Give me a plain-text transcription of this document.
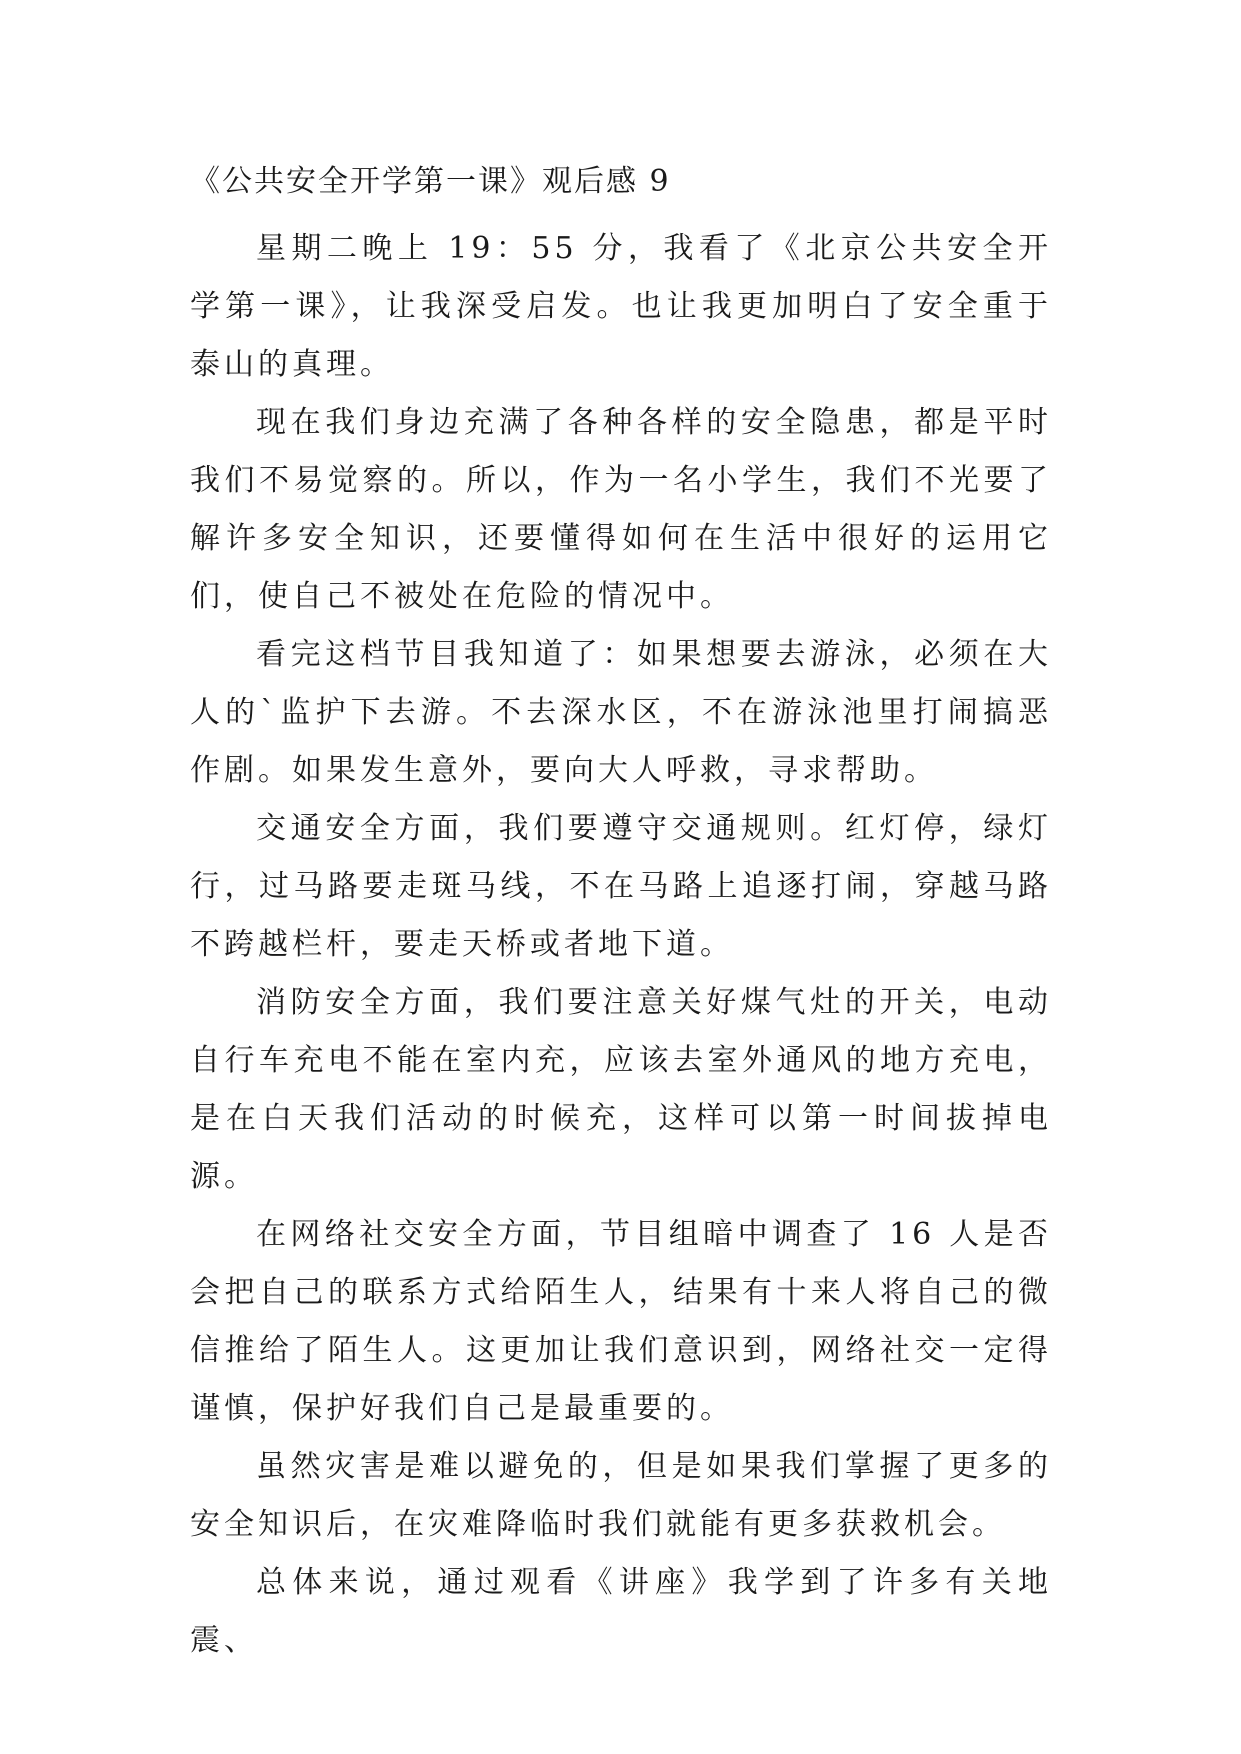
《公共安全开学第一课》观后感 9

星期二晚上 19：55 分，我看了《北京公共安全开学第一课》，让我深受启发。也让我更加明白了安全重于泰山的真理。

现在我们身边充满了各种各样的安全隐患，都是平时我们不易觉察的。所以，作为一名小学生，我们不光要了解许多安全知识，还要懂得如何在生活中很好的运用它们，使自己不被处在危险的情况中。

看完这档节目我知道了：如果想要去游泳，必须在大人的`监护下去游。不去深水区，不在游泳池里打闹搞恶作剧。如果发生意外，要向大人呼救，寻求帮助。

交通安全方面，我们要遵守交通规则。红灯停，绿灯行，过马路要走斑马线，不在马路上追逐打闹，穿越马路不跨越栏杆，要走天桥或者地下道。

消防安全方面，我们要注意关好煤气灶的开关，电动自行车充电不能在室内充，应该去室外通风的地方充电，是在白天我们活动的时候充，这样可以第一时间拔掉电源。

在网络社交安全方面，节目组暗中调查了 16 人是否会把自己的联系方式给陌生人，结果有十来人将自己的微信推给了陌生人。这更加让我们意识到，网络社交一定得谨慎，保护好我们自己是最重要的。

虽然灾害是难以避免的，但是如果我们掌握了更多的安全知识后，在灾难降临时我们就能有更多获救机会。

总体来说，通过观看《讲座》我学到了许多有关地震、
